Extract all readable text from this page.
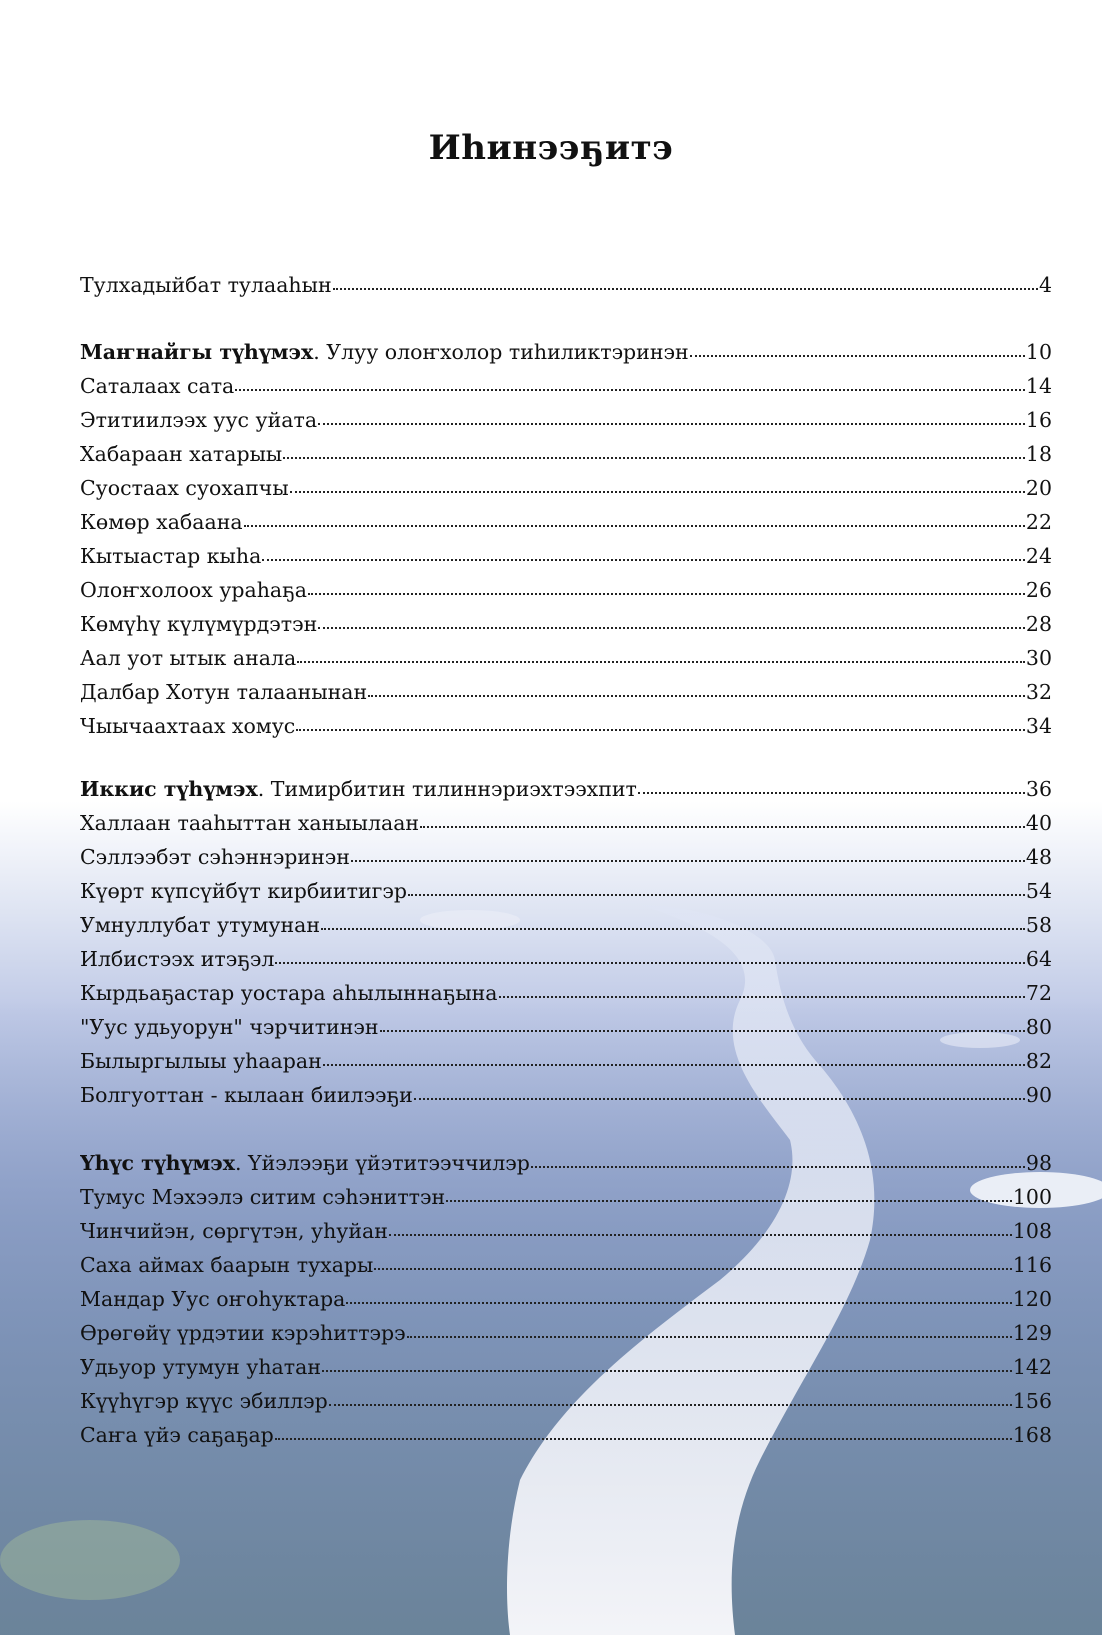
Иhинээҕитэ
Тулхадыйбат тулааhын	4
Маҥнайгы түhүмэх. Улуу олоҥхолор тиhиликтэринэн	10
Саталаах сата	14
Этитиилээх уус уйата	16
Хабараан хатарыы	18
Суостаах суохапчы	20
Көмөр хабаана	22
Кытыастар кыhа	24
Олоҥхолоох ураhаҕа	26
Көмүhү күлүмүрдэтэн	28
Аал уот ытык анала	30
Далбар Хотун талаанынан	32
Чыычаахтаах хомус	34
Иккис түhүмэх. Тимирбитин тилиннэриэхтээхпит	36
Халлаан тааhыттан ханыылаан	40
Сэллээбэт сэhэннэринэн	48
Күөрт күпсүйбүт кирбиитигэр	54
Умнуллубат утумунан	58
Илбистээх итэҕэл	64
Кырдьаҕастар уостара аhылыннаҕына	72
"Уус удьуорун" чэрчитинэн	80
Былыргылыы уhааран	82
Болгуоттан - кылаан биилээҕи	90
Үhүс түhүмэх. Үйэлээҕи үйэтитээччилэр	98
Тумус Мэхээлэ ситим сэhэниттэн	100
Чинчийэн, сөргүтэн, уhуйан	108
Саха аймах баарын тухары	116
Мандар Уус оҥоhуктара	120
Өрөгөйү үрдэтии кэрэhиттэрэ	129
Удьуор утумун уhатан	142
Күүhүгэр күүс эбиллэр	156
Саҥа үйэ саҕаҕар	168
